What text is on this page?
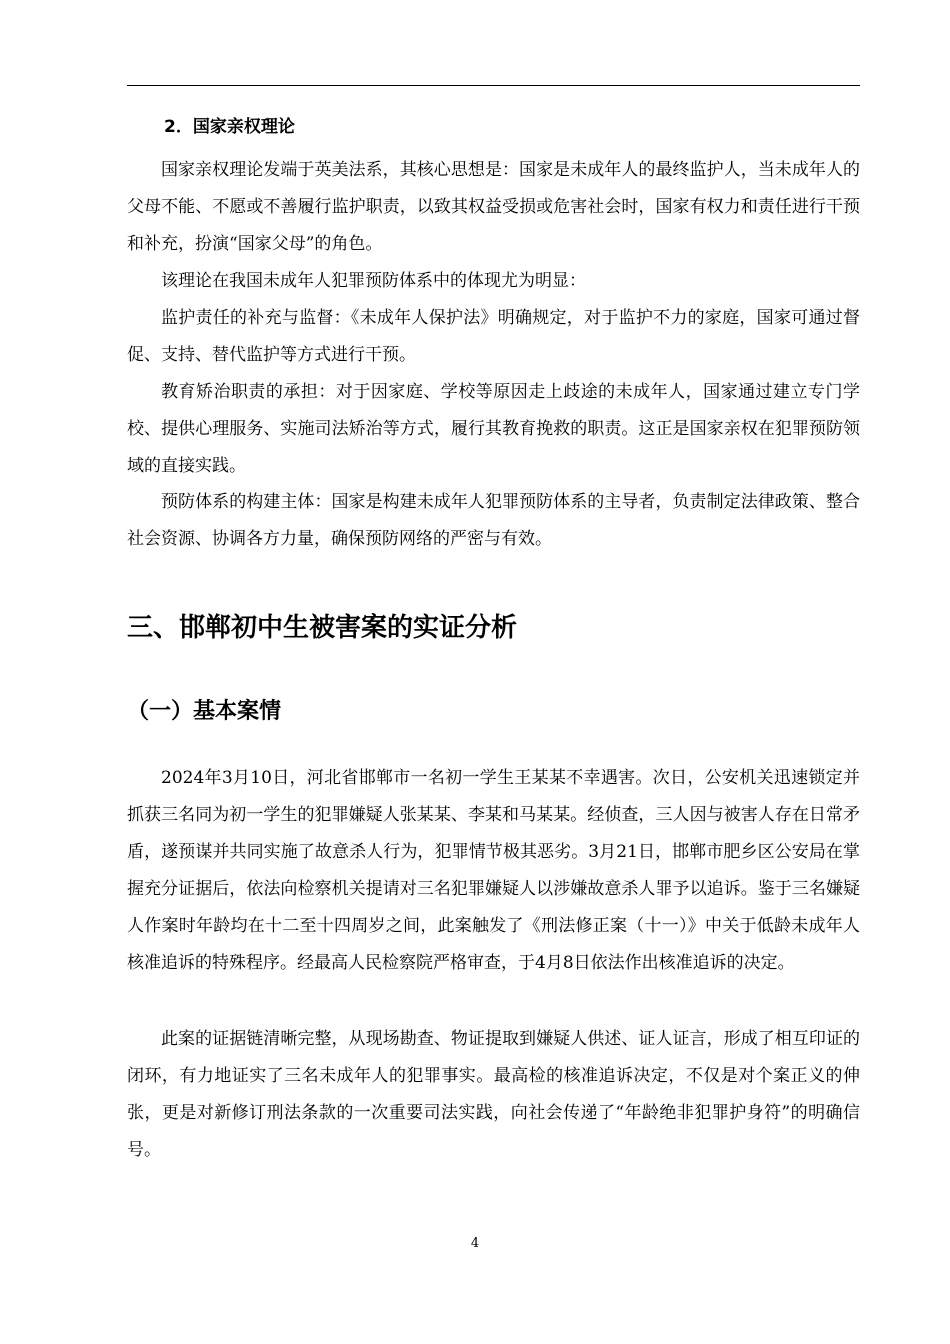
2．国家亲权理论
国家亲权理论发端于英美法系，其核心思想是：国家是未成年人的最终监护人，当未成年人的父母不能、不愿或不善履行监护职责，以致其权益受损或危害社会时，国家有权力和责任进行干预和补充，扮演“国家父母”的角色。
该理论在我国未成年人犯罪预防体系中的体现尤为明显：
监护责任的补充与监督：《未成年人保护法》明确规定，对于监护不力的家庭，国家可通过督促、支持、替代监护等方式进行干预。
教育矫治职责的承担：对于因家庭、学校等原因走上歧途的未成年人，国家通过建立专门学校、提供心理服务、实施司法矫治等方式，履行其教育挽救的职责。这正是国家亲权在犯罪预防领域的直接实践。
预防体系的构建主体：国家是构建未成年人犯罪预防体系的主导者，负责制定法律政策、整合社会资源、协调各方力量，确保预防网络的严密与有效。
三、邯郸初中生被害案的实证分析
（一）基本案情
2024年3月10日，河北省邯郸市一名初一学生王某某不幸遇害。次日，公安机关迅速锁定并抓获三名同为初一学生的犯罪嫌疑人张某某、李某和马某某。经侦查，三人因与被害人存在日常矛盾，遂预谋并共同实施了故意杀人行为，犯罪情节极其恶劣。3月21日，邯郸市肥乡区公安局在掌握充分证据后，依法向检察机关提请对三名犯罪嫌疑人以涉嫌故意杀人罪予以追诉。鉴于三名嫌疑人作案时年龄均在十二至十四周岁之间，此案触发了《刑法修正案（十一）》中关于低龄未成年人核准追诉的特殊程序。经最高人民检察院严格审查，于4月8日依法作出核准追诉的决定。
此案的证据链清晰完整，从现场勘查、物证提取到嫌疑人供述、证人证言，形成了相互印证的闭环，有力地证实了三名未成年人的犯罪事实。最高检的核准追诉决定，不仅是对个案正义的伸张，更是对新修订刑法条款的一次重要司法实践，向社会传递了“年龄绝非犯罪护身符”的明确信号。
4
